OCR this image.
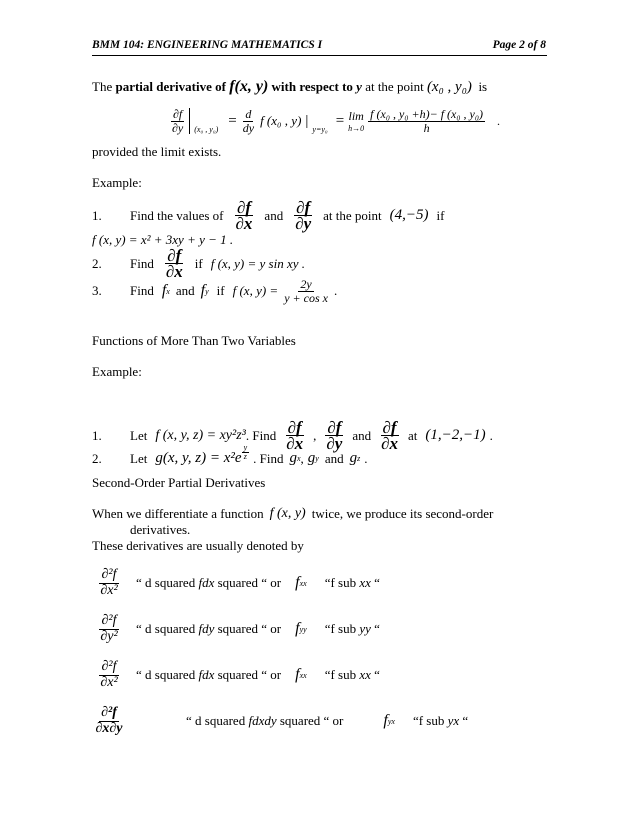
BMM 104: ENGINEERING MATHEMATICS I	Page 2 of 8
The partial derivative of f(x, y) with respect to y at the point (x₀ , y₀)  is
$\frac{\partial f}{\partial y} (x_0$ , y₀)
= $\frac{d}{dy}$ f (x₀ , y) |
y=y₀
= lim
$h\to 0 \frac{\text{f (x₀ , y₀ +h)− f (x₀ , y₀)}}{h}$ .
provided the limit exists.
Example:
1.	Find the values of $\frac{\partial f}{\partial x}$ and $\frac{\partial f}{\partial y}$ at the point (4,−5) if
f (x, y) = x² + 3xy + y − 1 .
2.	Find $\frac{\partial f}{\partial x}$ if f (x, y) = y sin xy .
3.	Find f x and f y if f (x, $y) = \frac{2y}{\text{y + cos x}}$ .
Functions of More Than Two Variables
Example:
1.	Let f (x, y, z) = xy²z³ . Find $\frac{\partial f}{\partial x}$ , $\frac{\partial f}{\partial y}$ and $\frac{\partial f}{\partial x}$ at (1,−2,−1) .
2.	Let g(x, y, $z) = x^2e \frac{y}{z}$ . Find g x , g y and g z .
Second-Order Partial Derivatives
When we differentiate a function f (x, y) twice, we produce its second-order
derivatives.
These derivatives are usually denoted by
$\frac{\text{∂²f}}{\text{∂x²}}$ “ d squared fdx squared “ or f xx “f sub xx “
$\frac{\text{∂²f}}{\text{∂y²}}$ “ d squared fdy squared “ or f yy “f sub yy “
$\frac{\text{∂²f}}{\text{∂x²}}$ “ d squared fdx squared “ or f xx “f sub xx “
$\frac{\text{∂²f}}{\partial x\partial y}$	“ d squared fdxdy squared “ or	f yx “f sub yx “
